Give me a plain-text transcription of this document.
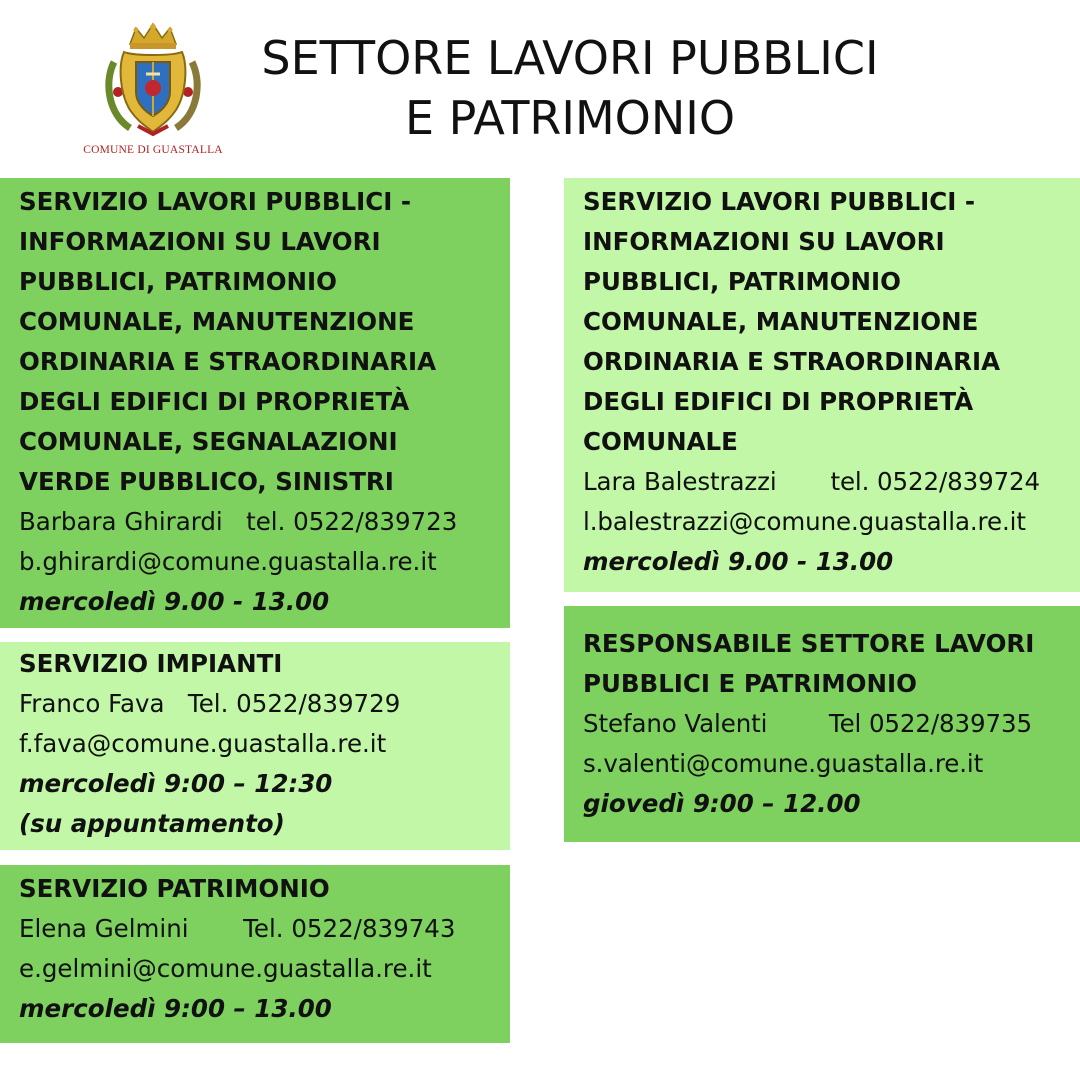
COMUNE DI GUASTALLA
SETTORE LAVORI PUBBLICI
E PATRIMONIO
SERVIZIO LAVORI PUBBLICI -
INFORMAZIONI SU LAVORI
PUBBLICI, PATRIMONIO
COMUNALE, MANUTENZIONE
ORDINARIA E STRAORDINARIA
DEGLI EDIFICI DI PROPRIETÀ
COMUNALE, SEGNALAZIONI
VERDE PUBBLICO, SINISTRI
Barbara Ghirardi   tel. 0522/839723
b.ghirardi@comune.guastalla.re.it
mercoledì 9.00 - 13.00
SERVIZIO IMPIANTI
Franco Fava   Tel. 0522/839729
f.fava@comune.guastalla.re.it
mercoledì 9:00 – 12:30
(su appuntamento)
SERVIZIO PATRIMONIO
Elena Gelmini       Tel. 0522/839743
e.gelmini@comune.guastalla.re.it
mercoledì 9:00 – 13.00
SERVIZIO LAVORI PUBBLICI -
INFORMAZIONI SU LAVORI
PUBBLICI, PATRIMONIO
COMUNALE, MANUTENZIONE
ORDINARIA E STRAORDINARIA
DEGLI EDIFICI DI PROPRIETÀ
COMUNALE
Lara Balestrazzi       tel. 0522/839724
l.balestrazzi@comune.guastalla.re.it
mercoledì 9.00 - 13.00
RESPONSABILE SETTORE LAVORI
PUBBLICI E PATRIMONIO
Stefano Valenti        Tel 0522/839735
s.valenti@comune.guastalla.re.it
giovedì 9:00 – 12.00
